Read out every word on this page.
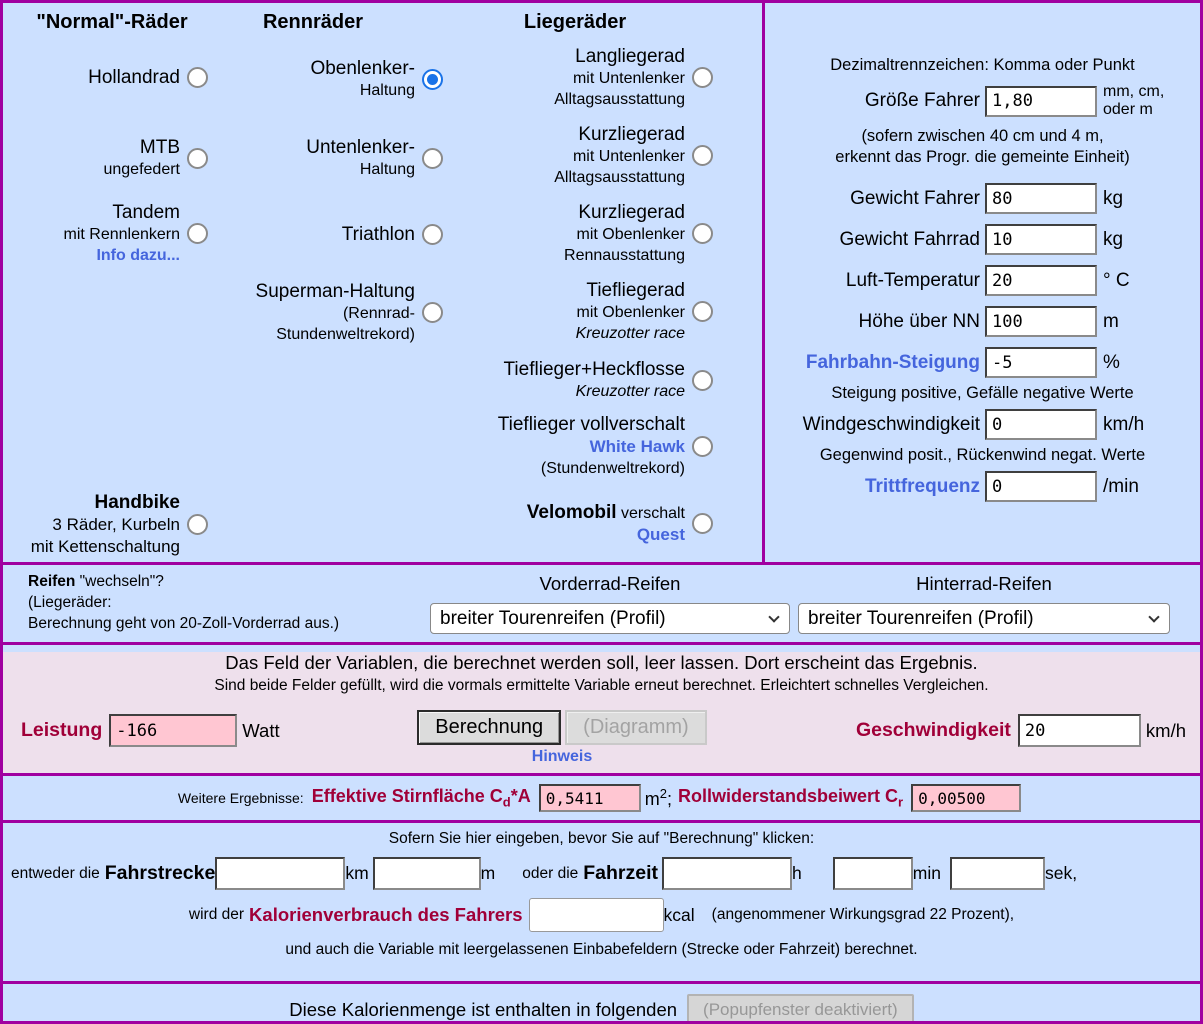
"Normal"-Räder	Rennräder	Liegeräder
Hollandrad
MTB
ungefedert
Tandem
mit Rennlenkern
Info dazu...
Handbike
3 Räder, Kurbeln
mit Kettenschaltung
Obenlenker-
Haltung
Untenlenker-
Haltung
Triathlon
Superman-Haltung
(Rennrad-
Stundenweltrekord)
Langliegerad
mit Untenlenker
Alltagsausstattung
Kurzliegerad
mit Untenlenker
Alltagsausstattung
Kurzliegerad
mit Obenlenker
Rennausstattung
Tiefliegerad
mit Obenlenker
Kreuzotter race
Tieflieger+Heckflosse
Kreuzotter race
Tieflieger vollverschalt
White Hawk
(Stundenweltrekord)
Velomobil verschalt
Quest
Dezimaltrennzeichen: Komma oder Punkt
Größe Fahrer
1,80	mm, cm,
oder m
(sofern zwischen 40 cm und 4 m,
erkennt das Progr. die gemeinte Einheit)
Gewicht Fahrer
80	kg
Gewicht Fahrrad
10	kg
Luft-Temperatur
20	° C
Höhe über NN
100	m
Fahrbahn-Steigung
-5	%
Steigung positive, Gefälle negative Werte
Windgeschwindigkeit
0	km/h
Gegenwind posit., Rückenwind negat. Werte
Trittfrequenz
0	/min
Reifen "wechseln"?
(Liegeräder:
Berechnung geht von 20-Zoll-Vorderrad aus.)
Vorderrad-Reifen
breiter Tourenreifen (Profil)
Hinterrad-Reifen
breiter Tourenreifen (Profil)
Das Feld der Variablen, die berechnet werden soll, leer lassen. Dort erscheint das Ergebnis.
Sind beide Felder gefüllt, wird die vormals ermittelte Variable erneut berechnet. Erleichtert schnelles Vergleichen.
Leistung
-166	Watt	Berechnung (Diagramm)
Hinweis
Geschwindigkeit
20	km/h
Weitere Ergebnisse: Effektive Stirnfläche $C_d*A$
0,5411	$m^2$; Rollwiderstandsbeiwert $C_r$
0,00500
Sofern Sie hier eingeben, bevor Sie auf "Berechnung" klicken:
entweder die Fahrstrecke	km	m oder die Fahrzeit	h	min	sek,
wird der Kalorienverbrauch des Fahrers	kcal (angenommener Wirkungsgrad 22 Prozent),
und auch die Variable mit leergelassenen Einbabefeldern (Strecke oder Fahrzeit) berechnet.
Diese Kalorienmenge ist enthalten in folgenden	(Popupfenster deaktiviert)
